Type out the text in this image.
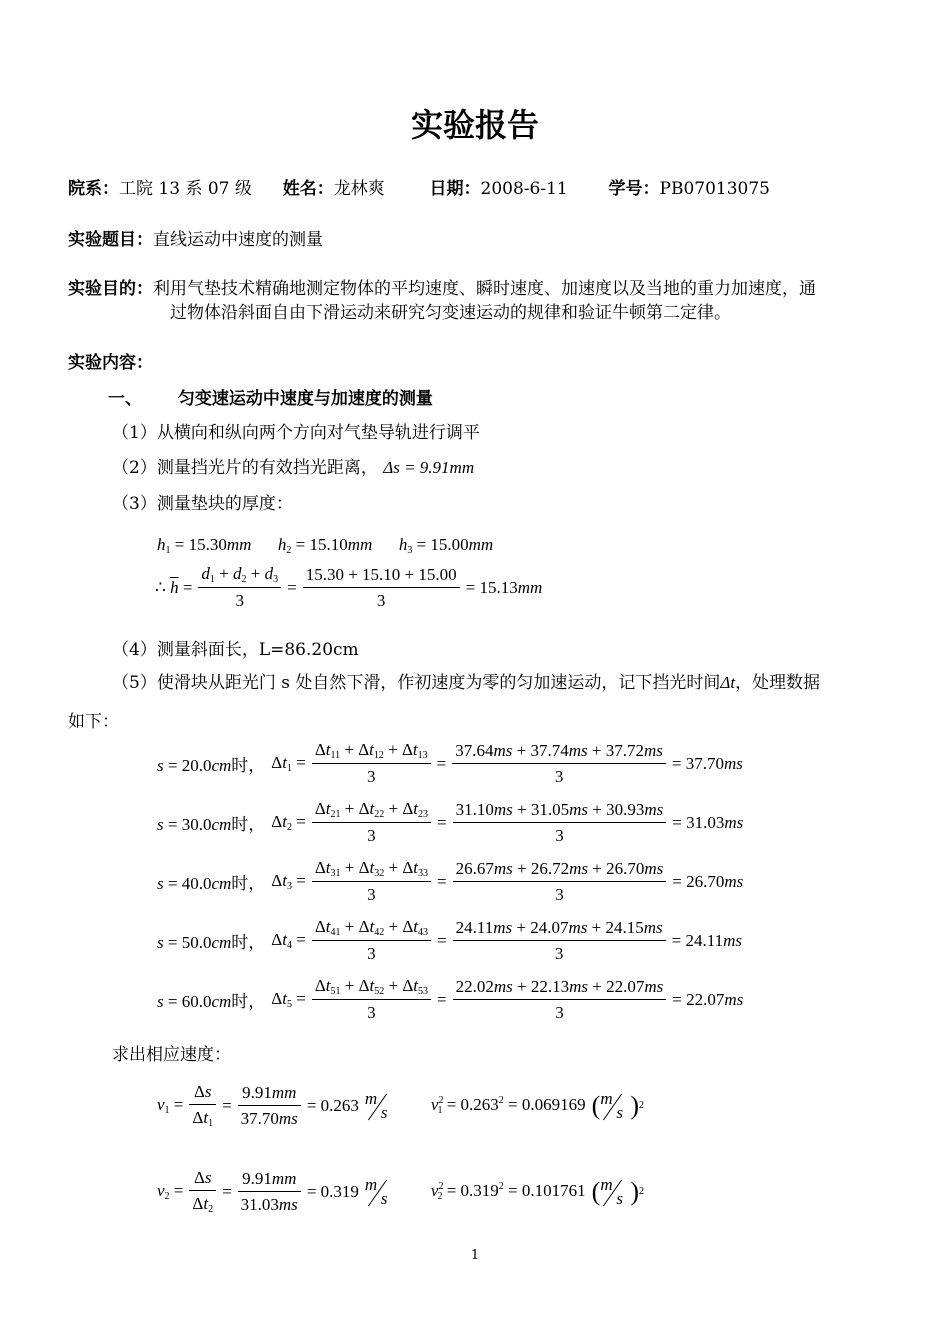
实验报告
院系：工院 13 系 07 级 姓名：龙林爽	日期：2008-6-11 学号：PB07013075
实验题目：直线运动中速度的测量
实验目的：利用气垫技术精确地测定物体的平均速度、瞬时速度、加速度以及当地的重力加速度，通
过物体沿斜面自由下滑运动来研究匀变速运动的规律和验证牛顿第二定律。
实验内容：
一、 匀变速运动中速度与加速度的测量
（1）从横向和纵向两个方向对气垫导轨进行调平
（2）测量挡光片的有效挡光距离， Δs = 9.91mm
（3）测量垫块的厚度：
$h_1 = 15.30mm$ $h_2 = 15.10mm$ $h_3 = 15.00mm$
∴ $\overline{h} = \frac{d_1 + d_2 + d_3}{3} = \frac{15.30 + 15.10 + 15.00}{3} = 15.13mm$
（4）测量斜面长，L=86.20cm
（5）使滑块从距光门 s 处自然下滑，作初速度为零的匀加速运动，记下挡光时间Δt，处理数据
如下：
s = 20.0cm时， $\Delta t_1 = \frac{\Delta t_{11} + \Delta t_{12} + \Delta t_{13}}{3} = \frac{37.64ms + 37.74ms + 37.72ms}{3} = 37.70ms$
s = 30.0cm时， $\Delta t_2 = \frac{\Delta t_{21} + \Delta t_{22} + \Delta t_{23}}{3} = \frac{31.10ms + 31.05ms + 30.93ms}{3} = 31.03ms$
s = 40.0cm时， $\Delta t_3 = \frac{\Delta t_{31} + \Delta t_{32} + \Delta t_{33}}{3} = \frac{26.67ms + 26.72ms + 26.70ms}{3} = 26.70ms$
s = 50.0cm时， $\Delta t_4 = \frac{\Delta t_{41} + \Delta t_{42} + \Delta t_{43}}{3} = \frac{24.11ms + 24.07ms + 24.15ms}{3} = 24.11ms$
s = 60.0cm时， $\Delta t_5 = \frac{\Delta t_{51} + \Delta t_{52} + \Delta t_{53}}{3} = \frac{22.02ms + 22.13ms + 22.07ms}{3} = 22.07ms$
求出相应速度：
$v_1 = \frac{\Delta s}{\Delta t_1} = \frac{9.91mm}{37.70ms} = 0.263$ m
s	$v^2_1 = 0.263^2 = 0.069169$ ( m
s ) 2
$v_2 = \frac{\Delta s}{\Delta t_2} = \frac{9.91mm}{31.03ms} = 0.319$ m
s	$v^2_2 = 0.319^2 = 0.101761$ ( m
s ) 2
1
